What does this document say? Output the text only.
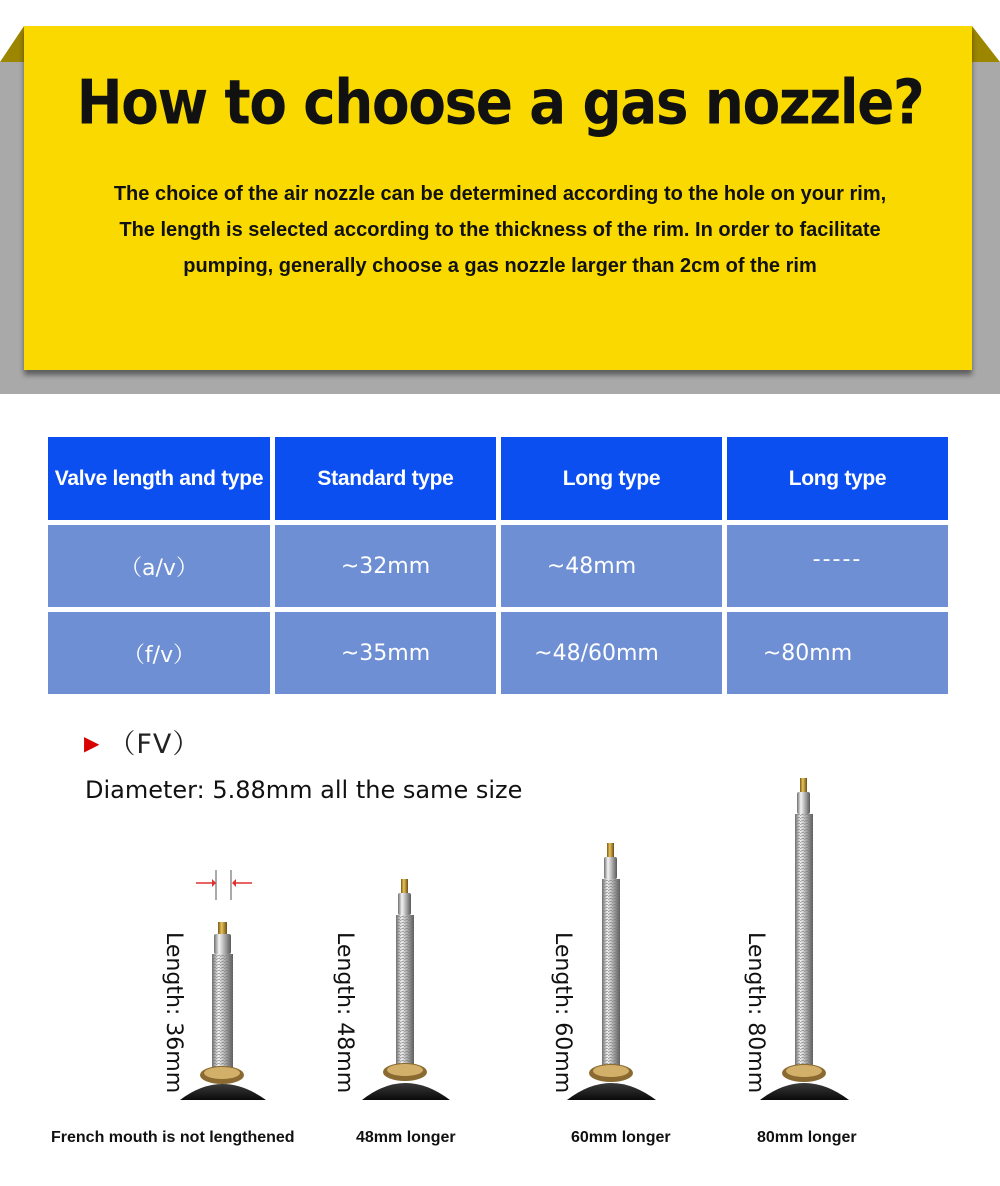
How to choose a gas nozzle?
The choice of the air nozzle can be determined according to the hole on your rim,
The length is selected according to the thickness of the rim. In order to facilitate
pumping, generally choose a gas nozzle larger than 2cm of the rim
Valve length and type	Standard type	Long type	Long type
（a/v）	~32mm	~48mm	-----
（f/v）	~35mm	~48/60mm	~80mm
▶ （FV）
Diameter: 5.88mm all the same size
Length: 36mm	Length: 48mm	Length: 60mm	Length: 80mm
French mouth is not lengthened	48mm longer	60mm longer	80mm longer
